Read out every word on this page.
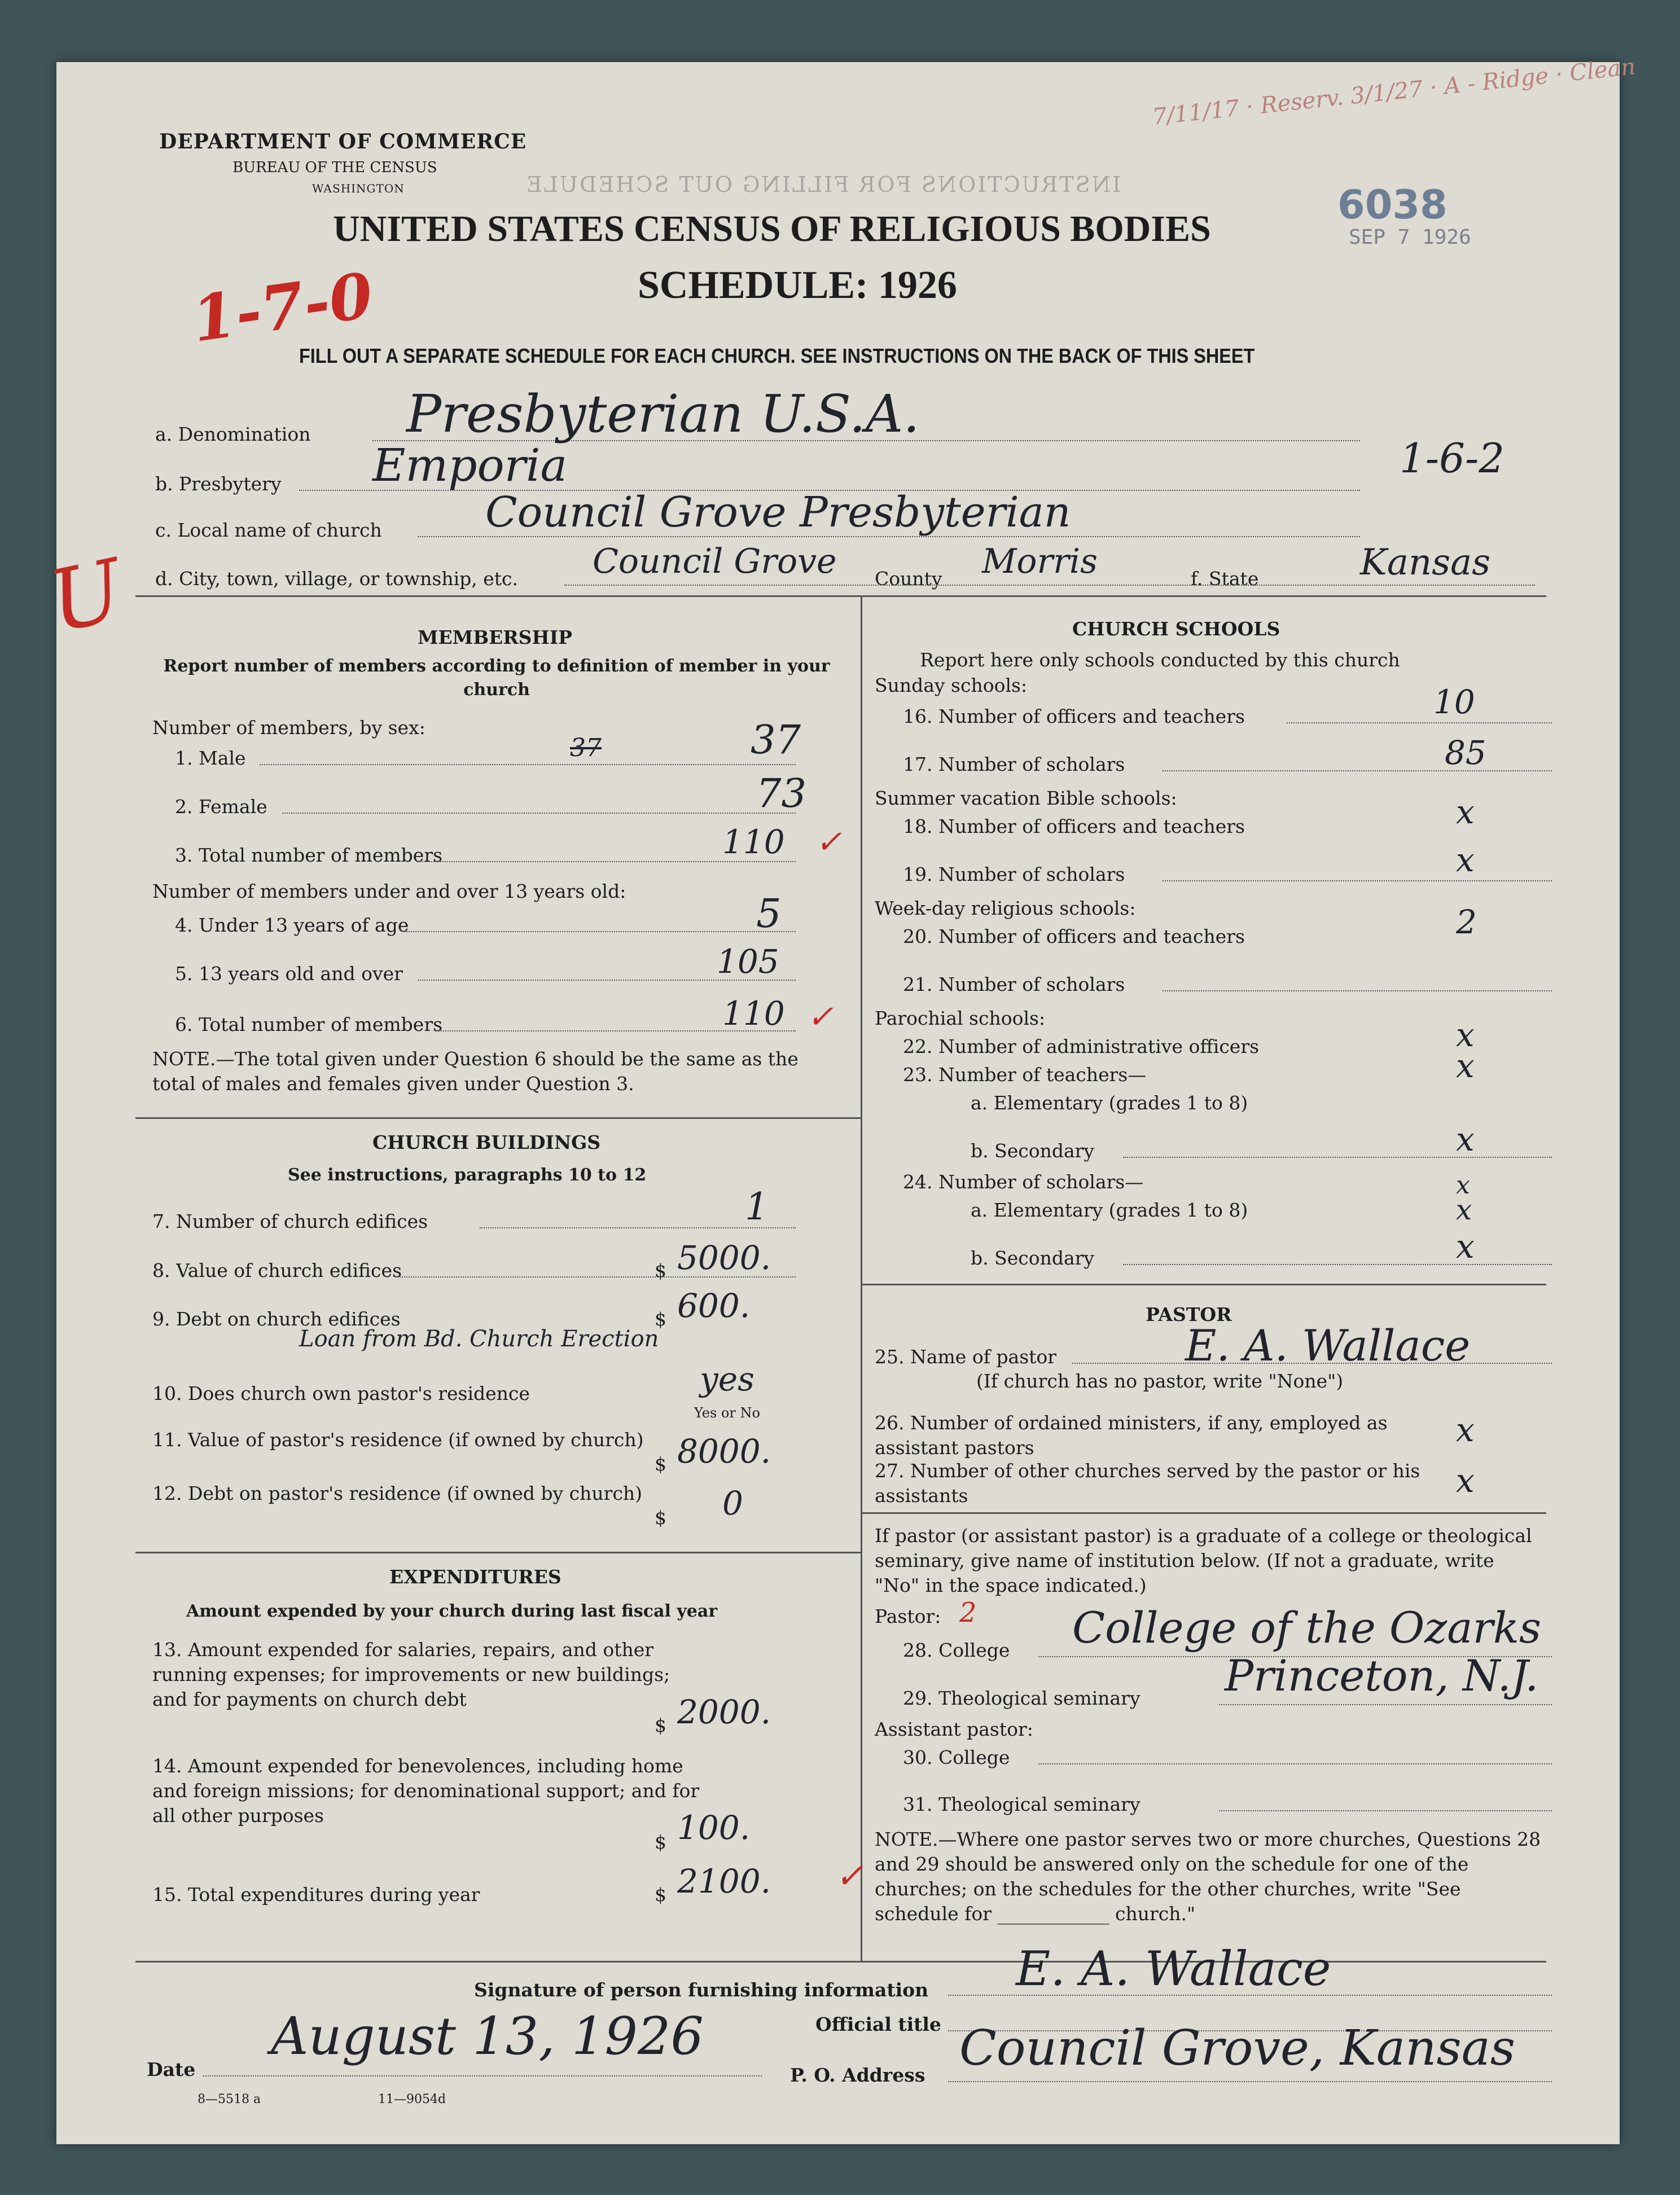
INSTRUCTIONS FOR FILLING OUT SCHEDULE
DEPARTMENT OF COMMERCE
BUREAU OF THE CENSUS
WASHINGTON
7/11/17 · Reserv. 3/1/27 · A - Ridge · Clean
6038
SEP 7 1926
UNITED STATES CENSUS OF RELIGIOUS BODIES
SCHEDULE: 1926
1-7-0
FILL OUT A SEPARATE SCHEDULE FOR EACH CHURCH. SEE INSTRUCTIONS ON THE BACK OF THIS SHEET
a. Denomination Presbyterian U.S.A.
b. Presbytery Emporia	1-6-2
c. Local name of church Council Grove Presbyterian
U d. City, town, village, or township, etc. Council Grove County Morris	f. State	Kansas
MEMBERSHIP
Report number of members according to definition of member in your church
Number of members, by sex:
1. Male	37	37
2. Female	73
3. Total number of members	110 ✓
Number of members under and over 13 years old:
4. Under 13 years of age	5
5. 13 years old and over	105
6. Total number of members	110 ✓
NOTE.—The total given under Question 6 should be the same as the total of males and females given under Question 3.
CHURCH BUILDINGS
See instructions, paragraphs 10 to 12
7. Number of church edifices	1
8. Value of church edifices	$ 5000.
9. Debt on church edifices	$ 600.
Loan from Bd. Church Erection
10. Does church own pastor's residence	yes
Yes or No
11. Value of pastor's residence (if owned by church)
$ 8000.
12. Debt on pastor's residence (if owned by church)
$ 0
EXPENDITURES
Amount expended by your church during last fiscal year
13. Amount expended for salaries, repairs, and other running expenses; for improvements or new buildings; and for payments on church debt
$ 2000.
14. Amount expended for benevolences, including home and foreign missions; for denominational support; and for all other purposes
$ 100.
15. Total expenditures during year	$ 2100. ✓
CHURCH SCHOOLS
Report here only schools conducted by this church
Sunday schools:
16. Number of officers and teachers	10
17. Number of scholars	85
Summer vacation Bible schools:
18. Number of officers and teachers	x
19. Number of scholars	x
Week-day religious schools:
20. Number of officers and teachers	2
21. Number of scholars
Parochial schools:
22. Number of administrative officers	x
23. Number of teachers—	x
a. Elementary (grades 1 to 8)
b. Secondary	x
24. Number of scholars—	x
a. Elementary (grades 1 to 8)	x
b. Secondary	x
PASTOR
25. Name of pastor	E. A. Wallace
(If church has no pastor, write "None")
26. Number of ordained ministers, if any, employed as assistant pastors	x
27. Number of other churches served by the pastor or his assistants	x
If pastor (or assistant pastor) is a graduate of a college or theological seminary, give name of institution below. (If not a graduate, write "No" in the space indicated.)
Pastor: 2
28. College College of the Ozarks
29. Theological seminary Princeton, N.J.
Assistant pastor:
30. College
31. Theological seminary
NOTE.—Where one pastor serves two or more churches, Questions 28 and 29 should be answered only on the schedule for one of the churches; on the schedules for the other churches, write "See schedule for ____________ church."
Signature of person furnishing information E. A. Wallace
Official title
Date
August 13, 1926
P. O. Address Council Grove, Kansas
8—5518 a	11—9054d
